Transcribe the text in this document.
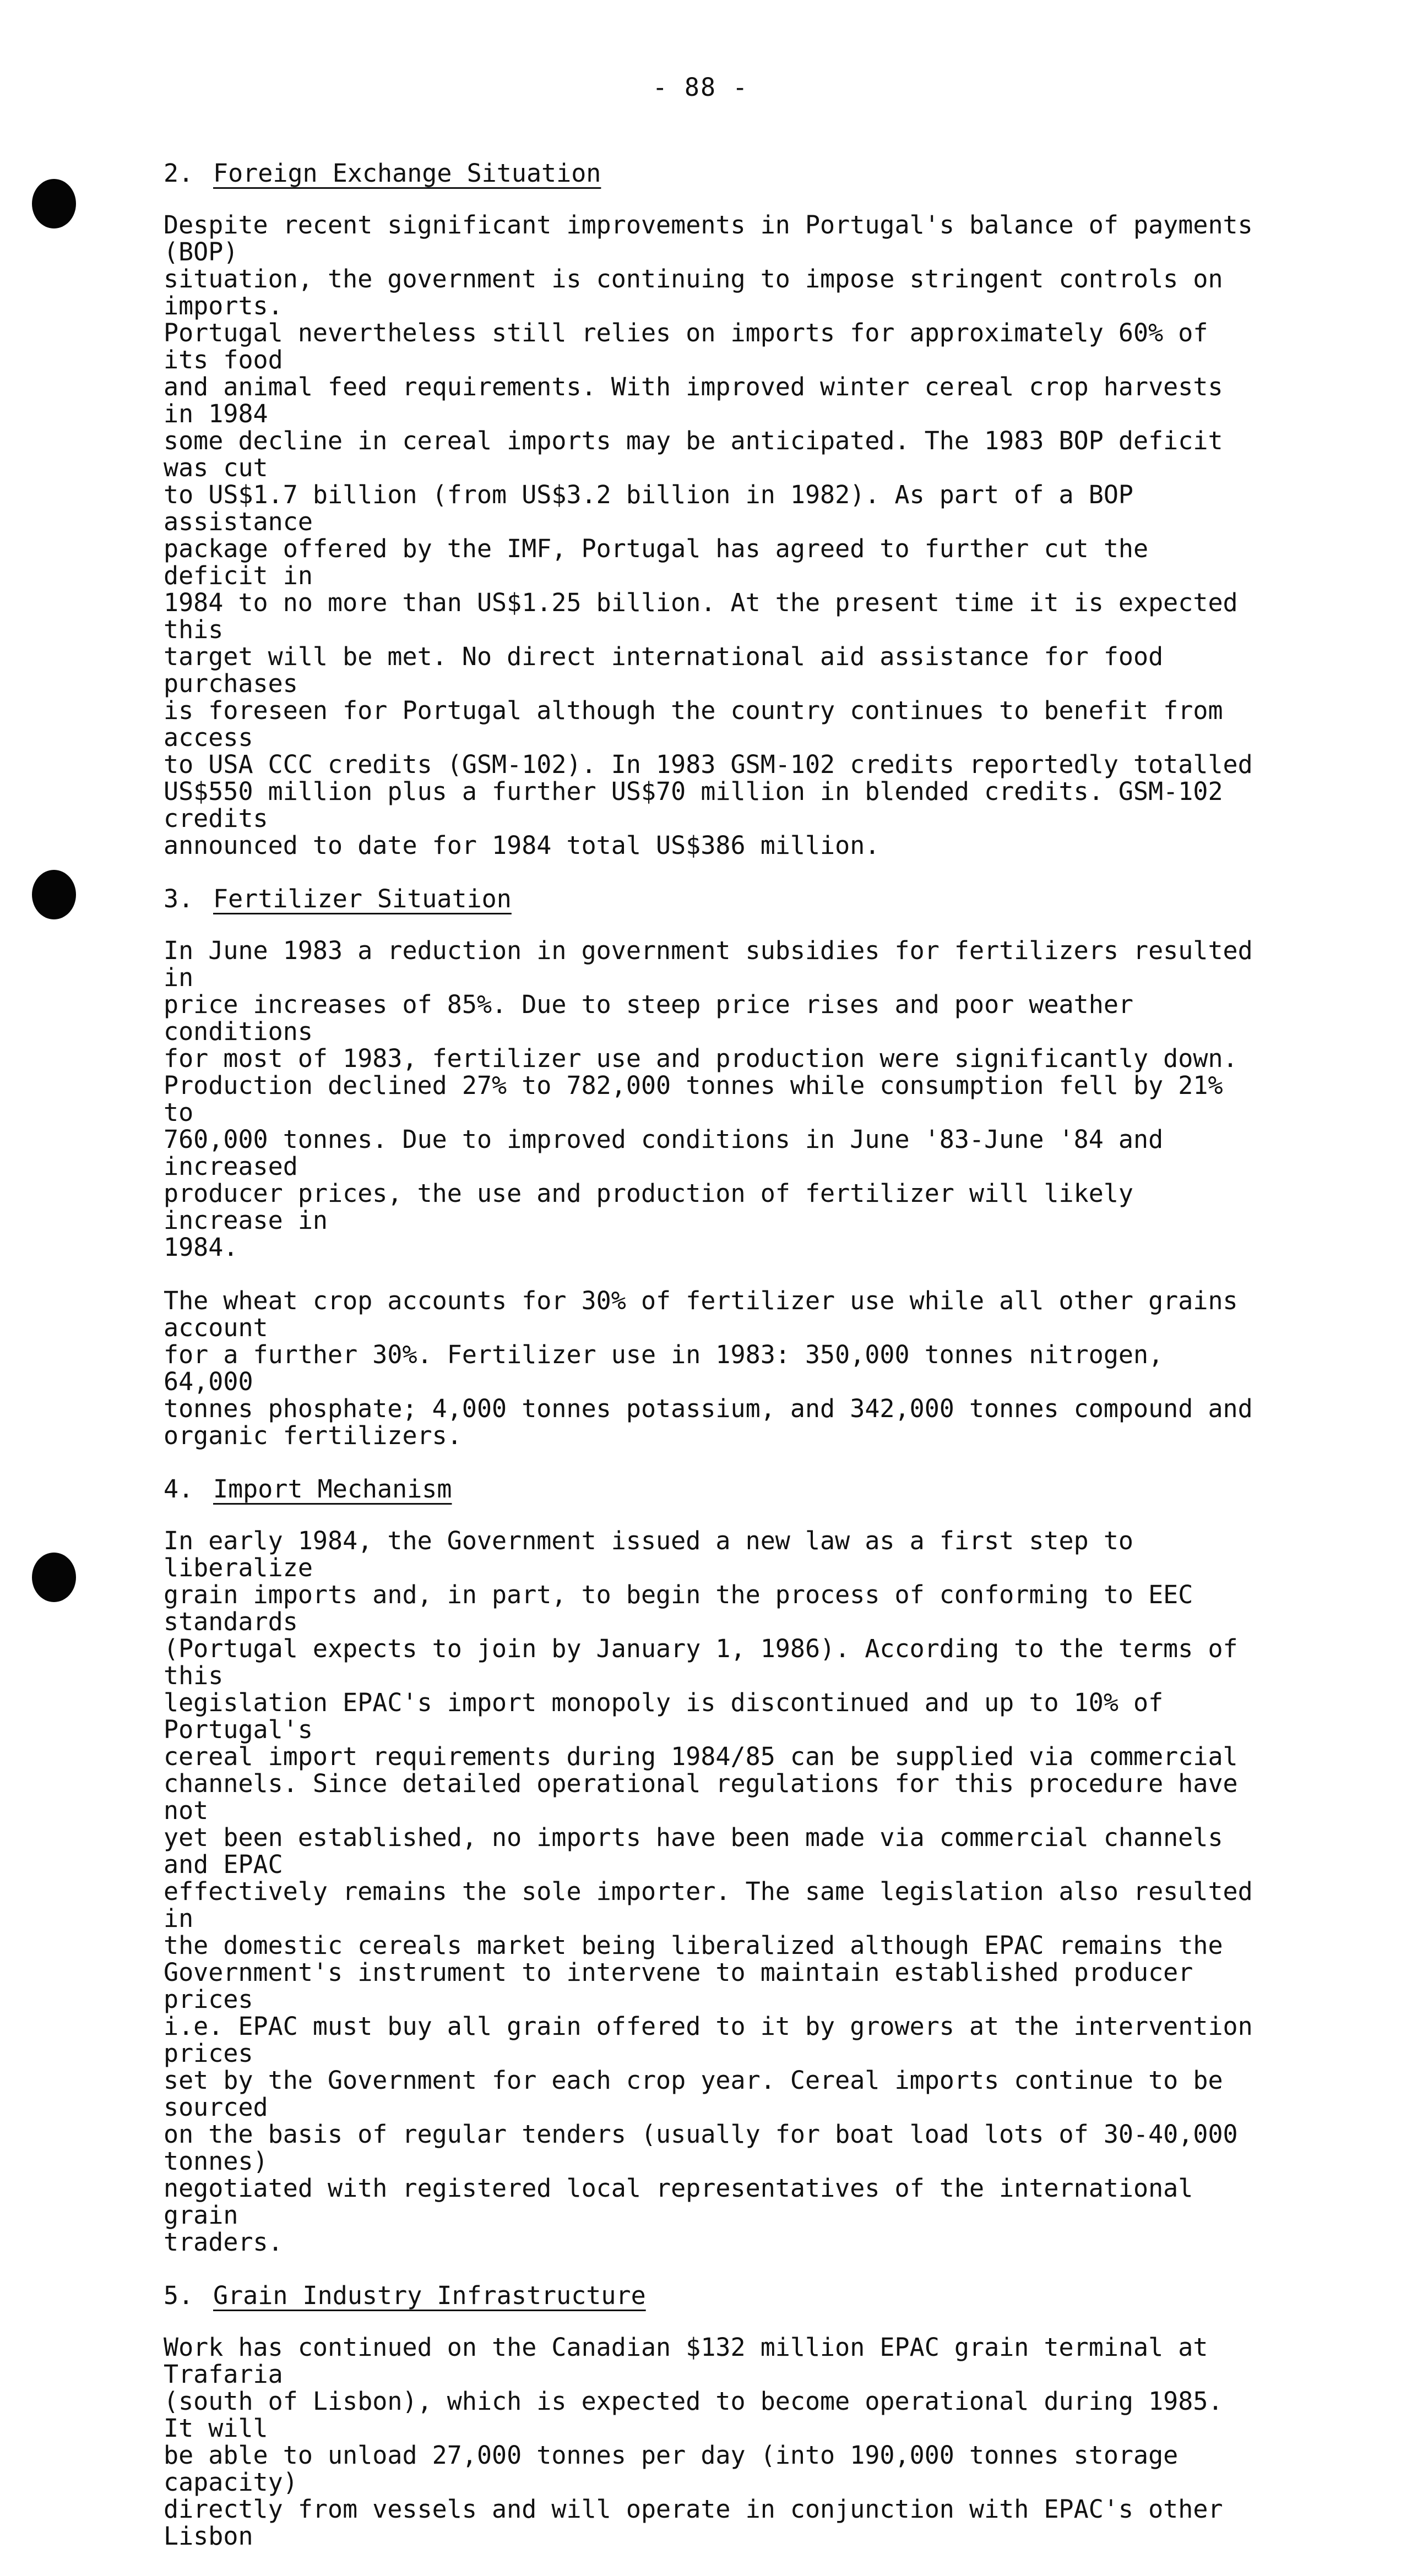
- 88 -
2. Foreign Exchange Situation

Despite recent significant improvements in Portugal's balance of payments (BOP)
situation, the government is continuing to impose stringent controls on imports.
Portugal nevertheless still relies on imports for approximately 60% of its food
and animal feed requirements. With improved winter cereal crop harvests in 1984
some decline in cereal imports may be anticipated. The 1983 BOP deficit was cut
to US$1.7 billion (from US$3.2 billion in 1982). As part of a BOP assistance
package offered by the IMF, Portugal has agreed to further cut the deficit in
1984 to no more than US$1.25 billion. At the present time it is expected this
target will be met. No direct international aid assistance for food purchases
is foreseen for Portugal although the country continues to benefit from access
to USA CCC credits (GSM-102). In 1983 GSM-102 credits reportedly totalled
US$550 million plus a further US$70 million in blended credits. GSM-102 credits
announced to date for 1984 total US$386 million.

3. Fertilizer Situation

In June 1983 a reduction in government subsidies for fertilizers resulted in
price increases of 85%. Due to steep price rises and poor weather conditions
for most of 1983, fertilizer use and production were significantly down.
Production declined 27% to 782,000 tonnes while consumption fell by 21% to
760,000 tonnes. Due to improved conditions in June '83-June '84 and increased
producer prices, the use and production of fertilizer will likely increase in
1984.

The wheat crop accounts for 30% of fertilizer use while all other grains account
for a further 30%. Fertilizer use in 1983: 350,000 tonnes nitrogen, 64,000
tonnes phosphate; 4,000 tonnes potassium, and 342,000 tonnes compound and
organic fertilizers.

4. Import Mechanism

In early 1984, the Government issued a new law as a first step to liberalize
grain imports and, in part, to begin the process of conforming to EEC standards
(Portugal expects to join by January 1, 1986). According to the terms of this
legislation EPAC's import monopoly is discontinued and up to 10% of Portugal's
cereal import requirements during 1984/85 can be supplied via commercial
channels. Since detailed operational regulations for this procedure have not
yet been established, no imports have been made via commercial channels and EPAC
effectively remains the sole importer. The same legislation also resulted in
the domestic cereals market being liberalized although EPAC remains the
Government's instrument to intervene to maintain established producer prices
i.e. EPAC must buy all grain offered to it by growers at the intervention prices
set by the Government for each crop year. Cereal imports continue to be sourced
on the basis of regular tenders (usually for boat load lots of 30-40,000 tonnes)
negotiated with registered local representatives of the international grain
traders.

5. Grain Industry Infrastructure

Work has continued on the Canadian $132 million EPAC grain terminal at Trafaria
(south of Lisbon), which is expected to become operational during 1985. It will
be able to unload 27,000 tonnes per day (into 190,000 tonnes storage capacity)
directly from vessels and will operate in conjunction with EPAC's other Lisbon
